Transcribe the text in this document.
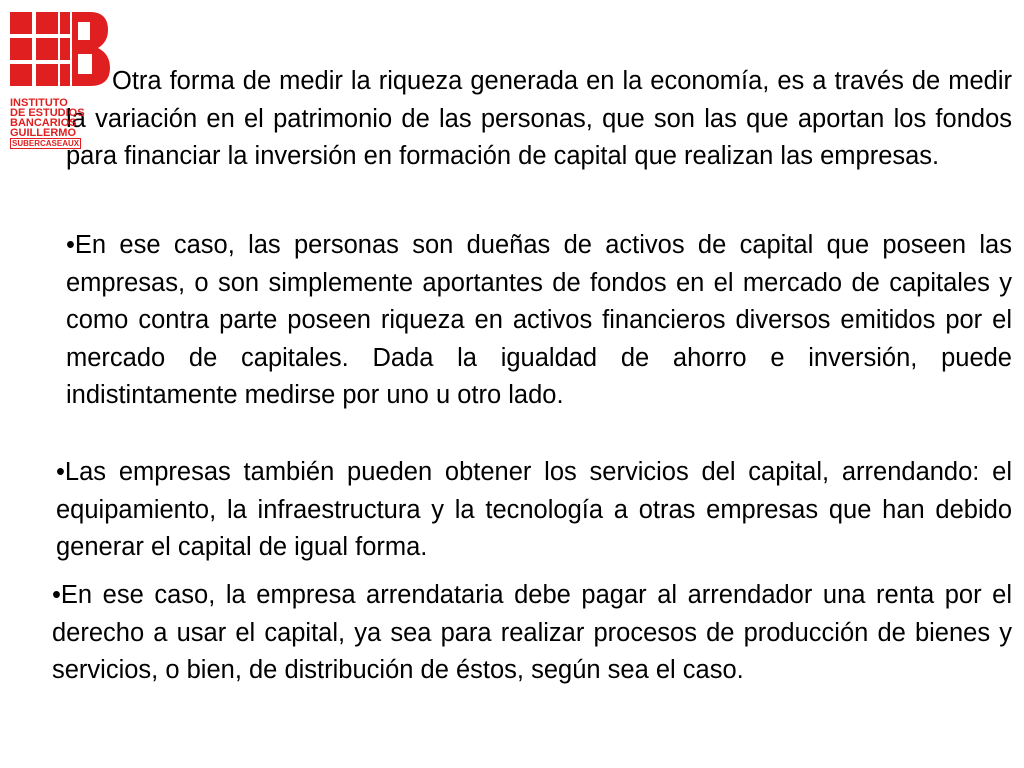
INSTITUTO
DE ESTUDIOS
BANCARIOS
GUILLERMO
SUBERCASEAUX

Otra forma de medir la riqueza generada en la economía, es a través de medir la variación en el patrimonio de las personas, que son las que aportan los fondos para financiar la inversión en formación de capital que realizan las empresas.

•En ese caso, las personas son dueñas de activos de capital que poseen las empresas, o son simplemente aportantes de fondos en el mercado de capitales y como contra parte poseen riqueza en activos financieros diversos emitidos por el mercado de capitales. Dada la igualdad de ahorro e inversión, puede indistintamente medirse por uno u otro lado.

•Las empresas también pueden obtener los servicios del capital, arrendando: el equipamiento, la infraestructura y la tecnología a otras empresas que han debido generar el capital de igual forma.

•En ese caso, la empresa arrendataria debe pagar al arrendador una renta por el derecho a usar el capital, ya sea para realizar procesos de producción de bienes y servicios, o bien, de distribución de éstos, según sea el caso.
